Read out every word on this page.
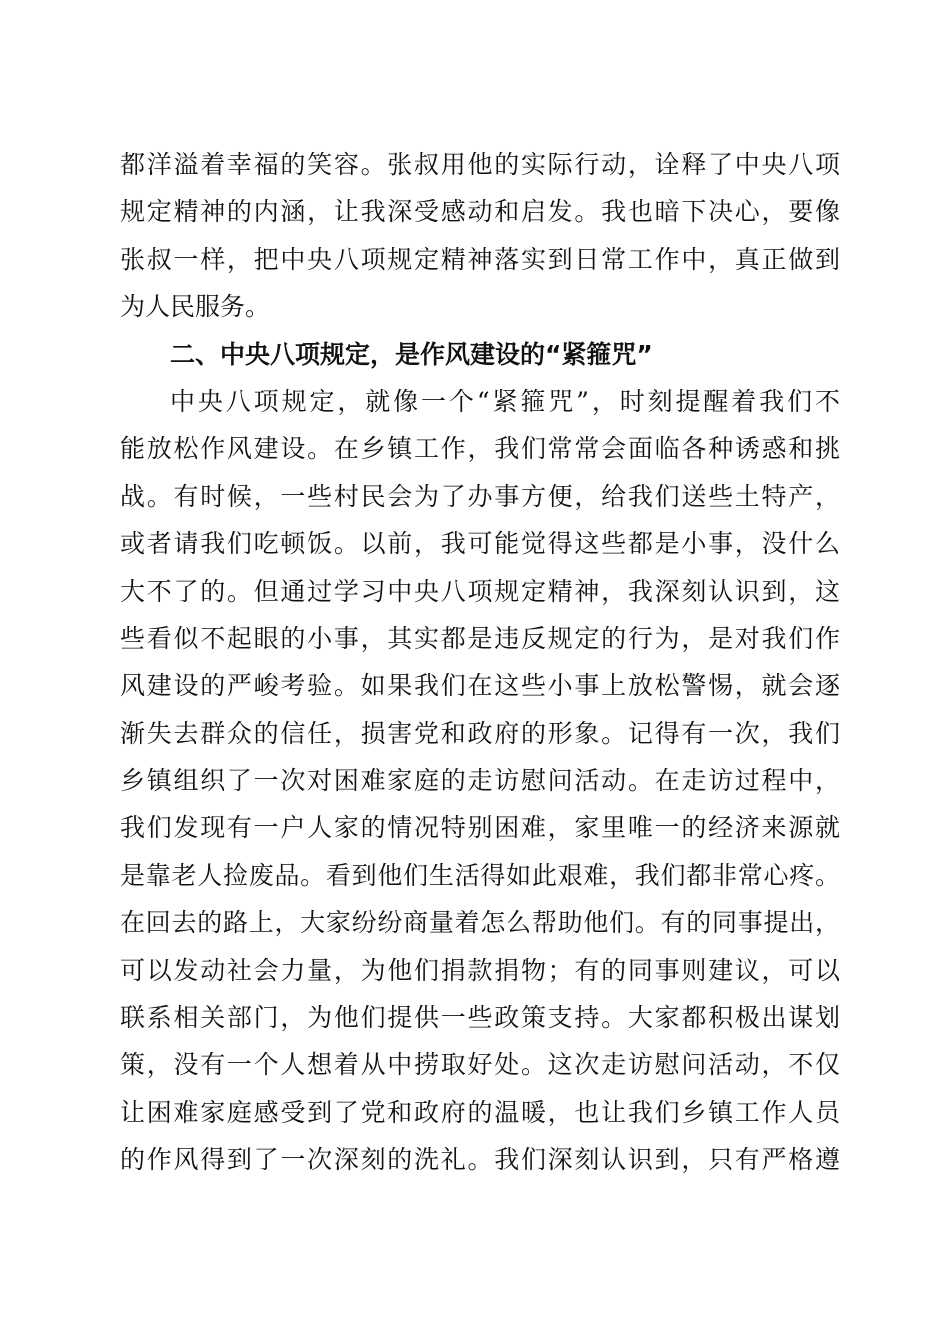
都洋溢着幸福的笑容。张叔用他的实际行动，诠释了中央八项
规定精神的内涵，让我深受感动和启发。我也暗下决心，要像
张叔一样，把中央八项规定精神落实到日常工作中，真正做到
为人民服务。
二、中央八项规定，是作风建设的“紧箍咒”
中央八项规定，就像一个“紧箍咒”，时刻提醒着我们不
能放松作风建设。在乡镇工作，我们常常会面临各种诱惑和挑
战。有时候，一些村民会为了办事方便，给我们送些土特产，
或者请我们吃顿饭。以前，我可能觉得这些都是小事，没什么
大不了的。但通过学习中央八项规定精神，我深刻认识到，这
些看似不起眼的小事，其实都是违反规定的行为，是对我们作
风建设的严峻考验。如果我们在这些小事上放松警惕，就会逐
渐失去群众的信任，损害党和政府的形象。记得有一次，我们
乡镇组织了一次对困难家庭的走访慰问活动。在走访过程中，
我们发现有一户人家的情况特别困难，家里唯一的经济来源就
是靠老人捡废品。看到他们生活得如此艰难，我们都非常心疼。
在回去的路上，大家纷纷商量着怎么帮助他们。有的同事提出，
可以发动社会力量，为他们捐款捐物；有的同事则建议，可以
联系相关部门，为他们提供一些政策支持。大家都积极出谋划
策，没有一个人想着从中捞取好处。这次走访慰问活动，不仅
让困难家庭感受到了党和政府的温暖，也让我们乡镇工作人员
的作风得到了一次深刻的洗礼。我们深刻认识到，只有严格遵
